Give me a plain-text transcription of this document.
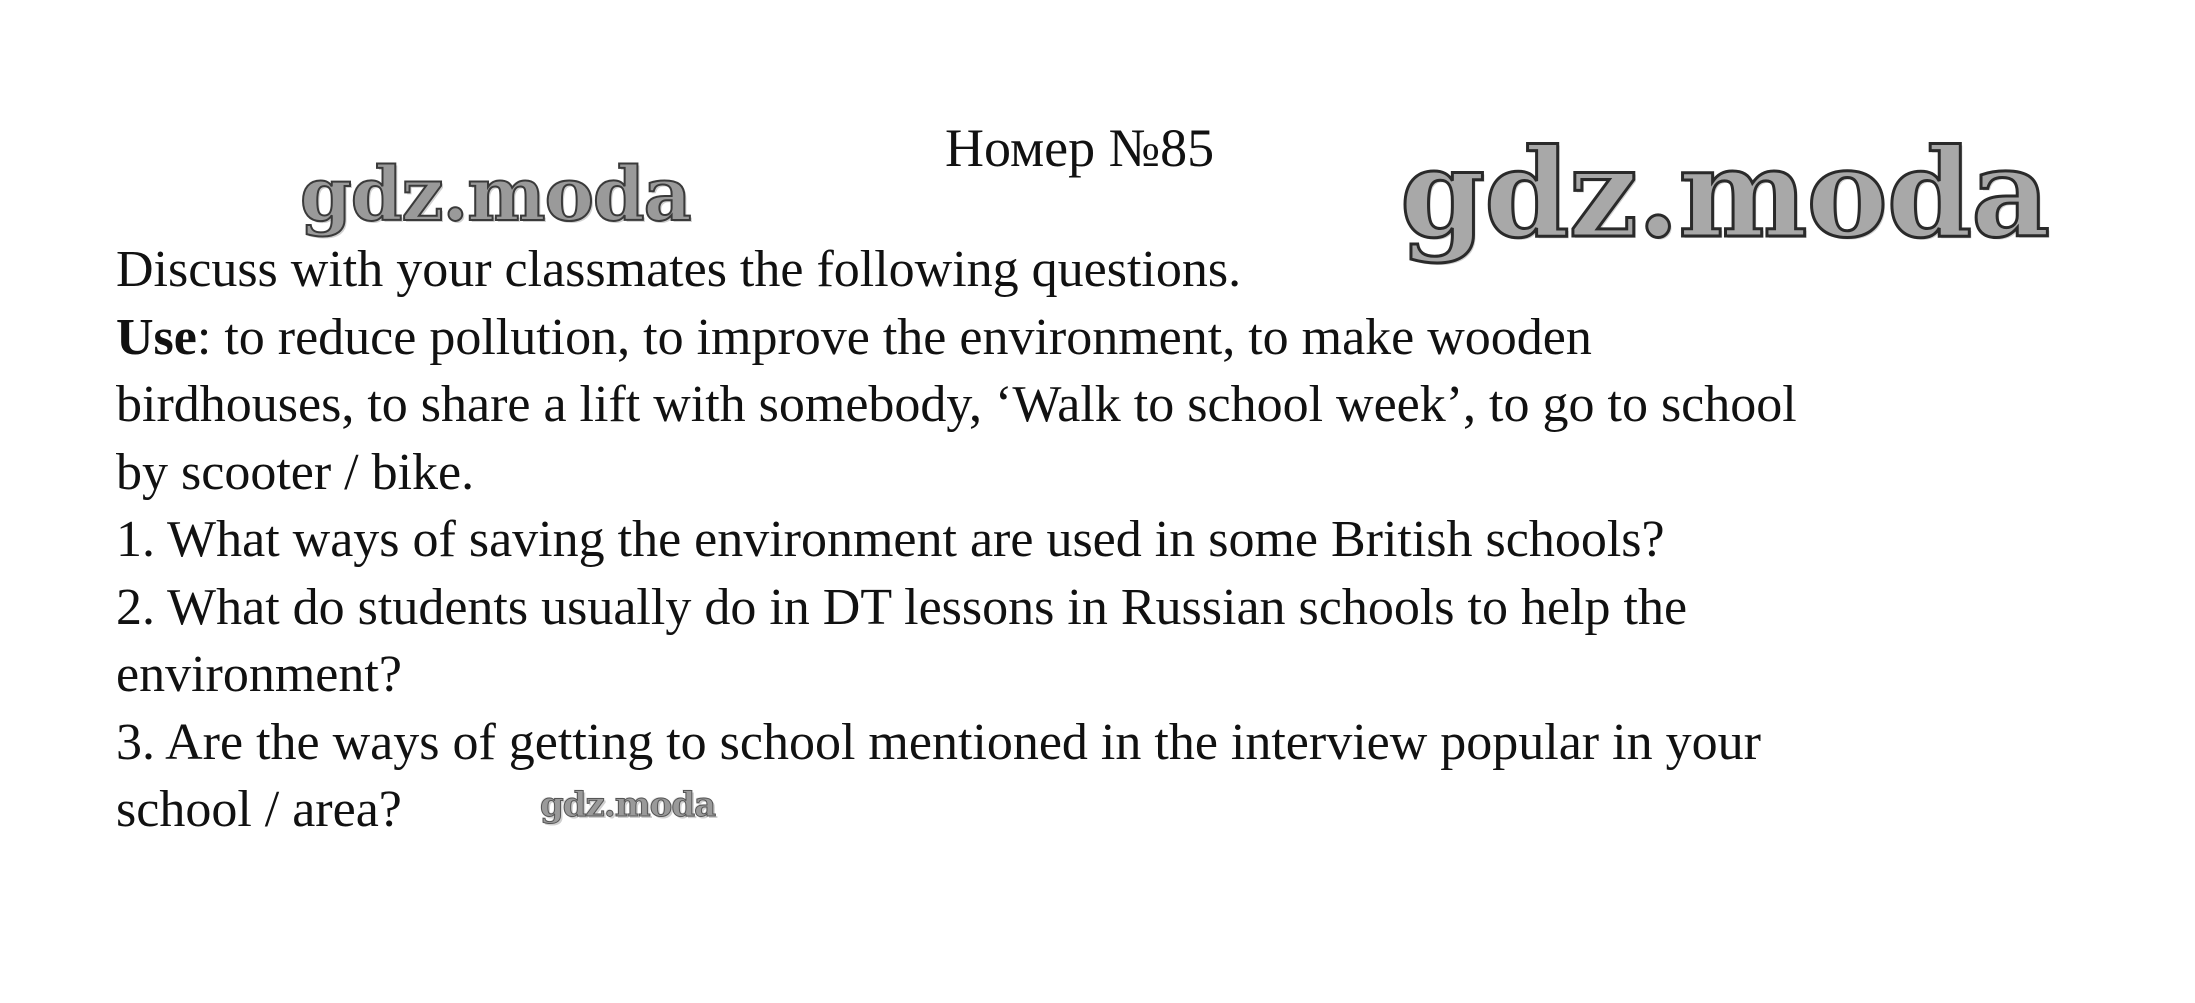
Номер №85
gdz.moda	gdz.moda
Discuss with your classmates the following questions.
Use: to reduce pollution, to improve the environment, to make wooden
birdhouses, to share a lift with somebody, ‘Walk to school week’, to go to school
by scooter / bike.
1. What ways of saving the environment are used in some British schools?
2. What do students usually do in DT lessons in Russian schools to help the
environment?
3. Are the ways of getting to school mentioned in the interview popular in your
school / area?	gdz.moda
